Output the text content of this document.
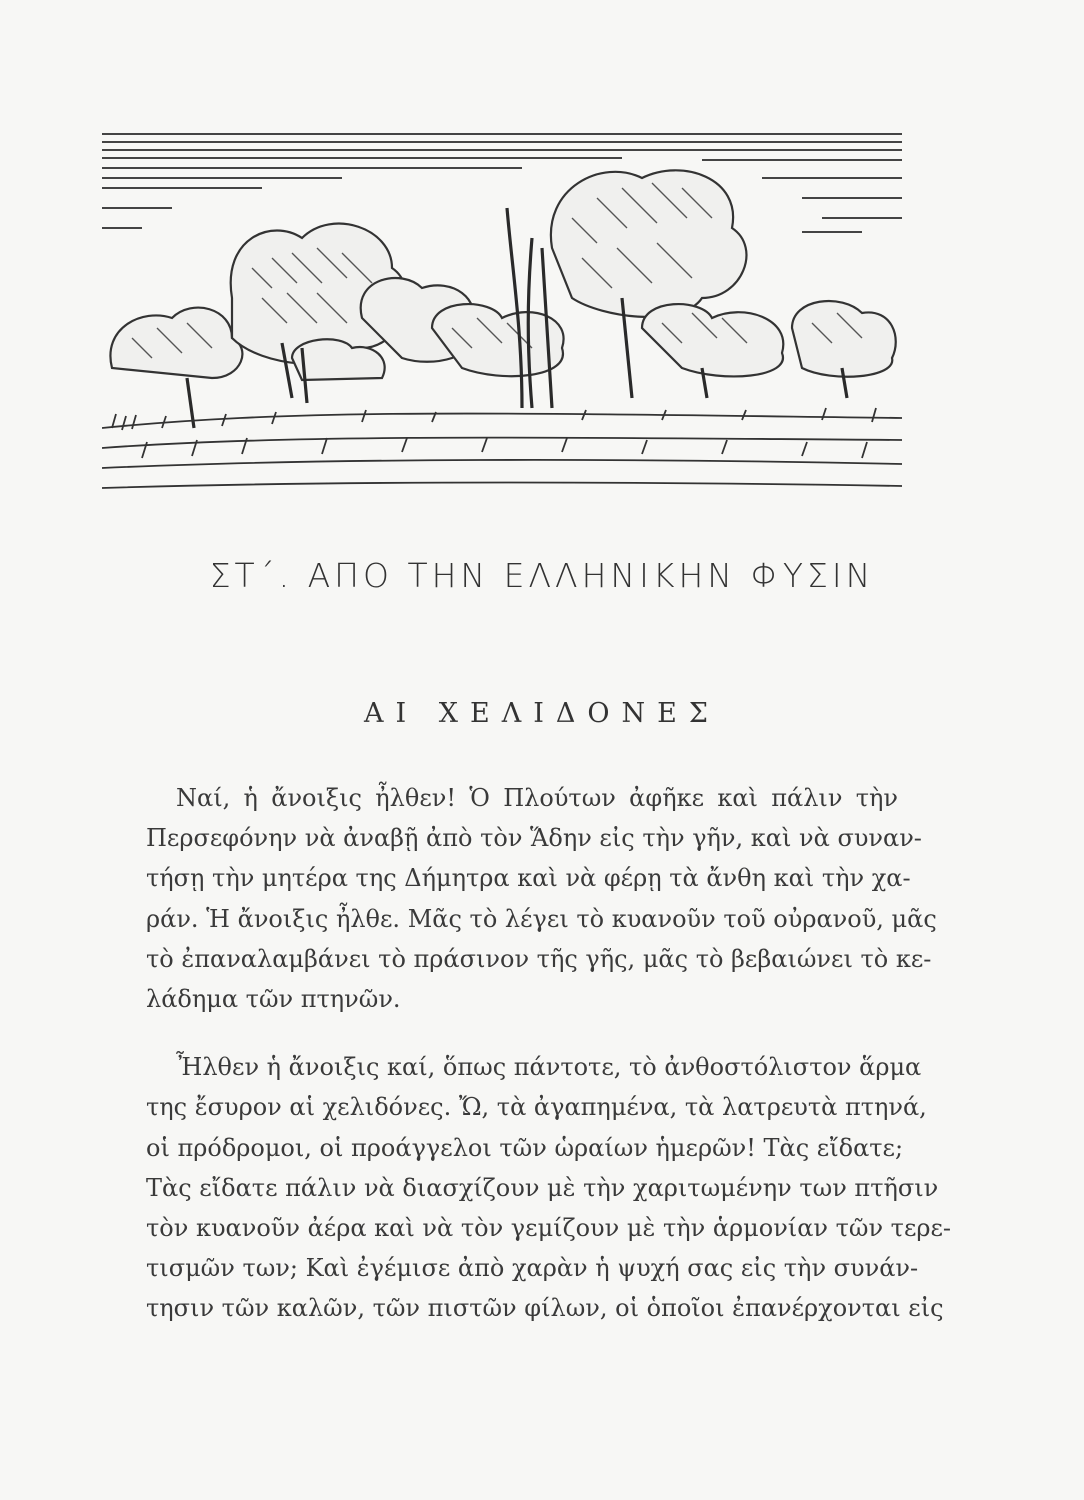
ΣΤ΄. ΑΠΟ ΤΗΝ ΕΛΛΗΝΙΚΗΝ ΦΥΣΙΝ
ΑΙ ΧΕΛΙΔΟΝΕΣ
Ναί, ἡ ἄνοιξις ἦλθεν! Ὁ Πλούτων ἀφῆκε καὶ πάλιν τὴν
Περσεφόνην νὰ ἀναβῇ ἀπὸ τὸν Ἅδην εἰς τὴν γῆν, καὶ νὰ συναν-
τήσῃ τὴν μητέρα της Δήμητρα καὶ νὰ φέρῃ τὰ ἄνθη καὶ τὴν χα-
ράν. Ἡ ἄνοιξις ἦλθε. Μᾶς τὸ λέγει τὸ κυανοῦν τοῦ οὐρανοῦ, μᾶς
τὸ ἐπαναλαμβάνει τὸ πράσινον τῆς γῆς, μᾶς τὸ βεβαιώνει τὸ κε-
λάδημα τῶν πτηνῶν.
Ἦλθεν ἡ ἄνοιξις καί, ὅπως πάντοτε, τὸ ἀνθοστόλιστον ἅρμα
της ἔσυρον αἱ χελιδόνες. Ὤ, τὰ ἀγαπημένα, τὰ λατρευτὰ πτηνά,
οἱ πρόδρομοι, οἱ προάγγελοι τῶν ὡραίων ἡμερῶν! Τὰς εἴδατε;
Τὰς εἴδατε πάλιν νὰ διασχίζουν μὲ τὴν χαριτωμένην των πτῆσιν
τὸν κυανοῦν ἀέρα καὶ νὰ τὸν γεμίζουν μὲ τὴν ἁρμονίαν τῶν τερε-
τισμῶν των; Καὶ ἐγέμισε ἀπὸ χαρὰν ἡ ψυχή σας εἰς τὴν συνάν-
τησιν τῶν καλῶν, τῶν πιστῶν φίλων, οἱ ὁποῖοι ἐπανέρχονται εἰς
